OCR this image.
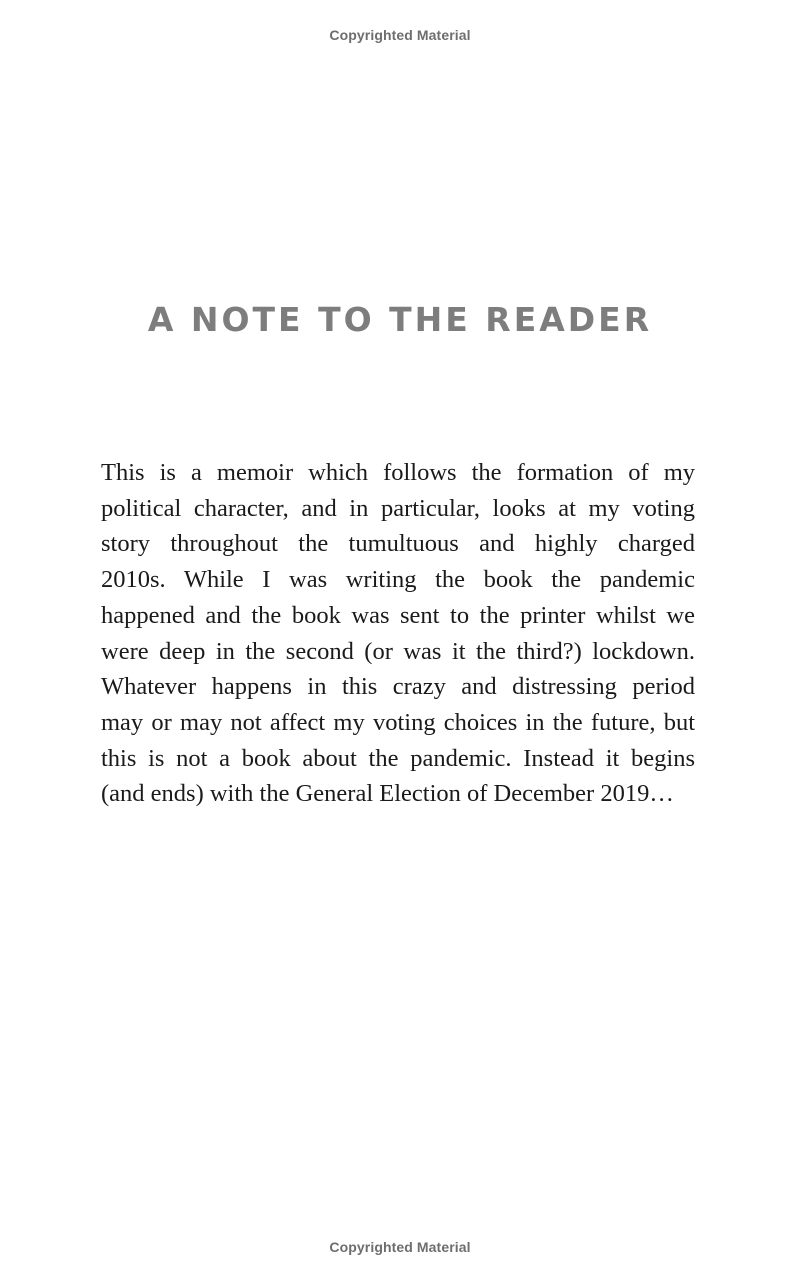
Copyrighted Material
A NOTE TO THE READER

This is a memoir which follows the formation of my
political character, and in particular, looks at my voting
story throughout the tumultuous and highly charged
2010s. While I was writing the book the pandemic
happened and the book was sent to the printer whilst we
were deep in the second (or was it the third?) lockdown.
Whatever happens in this crazy and distressing period
may or may not affect my voting choices in the future, but
this is not a book about the pandemic. Instead it begins
(and ends) with the General Election of December 2019…

Copyrighted Material
